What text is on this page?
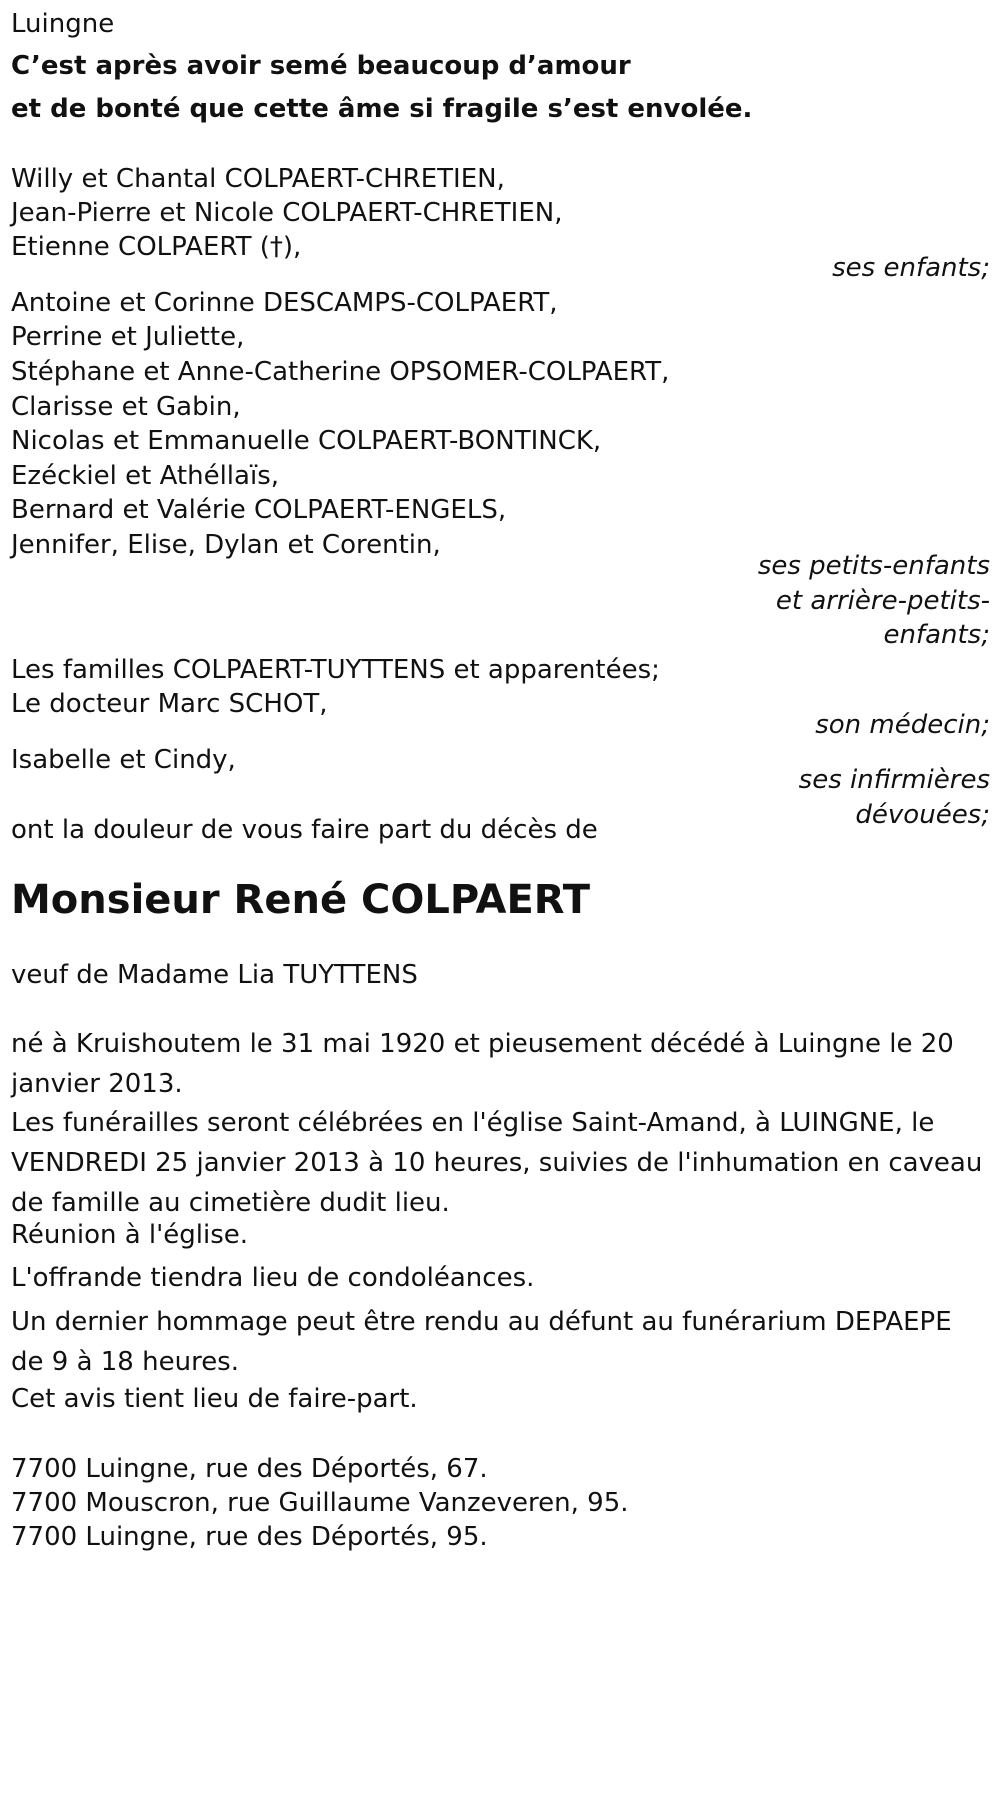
Luingne
C’est après avoir semé beaucoup d’amour
et de bonté que cette âme si fragile s’est envolée.
Willy et Chantal COLPAERT-CHRETIEN,
Jean-Pierre et Nicole COLPAERT-CHRETIEN,
Etienne COLPAERT (†),
ses enfants;
Antoine et Corinne DESCAMPS-COLPAERT,
Perrine et Juliette,
Stéphane et Anne-Catherine OPSOMER-COLPAERT,
Clarisse et Gabin,
Nicolas et Emmanuelle COLPAERT-BONTINCK,
Ezéckiel et Athéllaïs,
Bernard et Valérie COLPAERT-ENGELS,
Jennifer, Elise, Dylan et Corentin,
ses petits-enfants
et arrière-petits-
enfants;
Les familles COLPAERT-TUYTTENS et apparentées;
Le docteur Marc SCHOT,
son médecin;
Isabelle et Cindy,
ses infirmières
dévouées;
ont la douleur de vous faire part du décès de
Monsieur René COLPAERT
veuf de Madame Lia TUYTTENS
né à Kruishoutem le 31 mai 1920 et pieusement décédé à Luingne le 20 janvier 2013.
Les funérailles seront célébrées en l'église Saint-Amand, à LUINGNE, le VENDREDI 25 janvier 2013 à 10 heures, suivies de l'inhumation en caveau de famille au cimetière dudit lieu.
Réunion à l'église.
L'offrande tiendra lieu de condoléances.
Un dernier hommage peut être rendu au défunt au funérarium DEPAEPE de 9 à 18 heures.
Cet avis tient lieu de faire-part.
7700 Luingne, rue des Déportés, 67.
7700 Mouscron, rue Guillaume Vanzeveren, 95.
7700 Luingne, rue des Déportés, 95.
